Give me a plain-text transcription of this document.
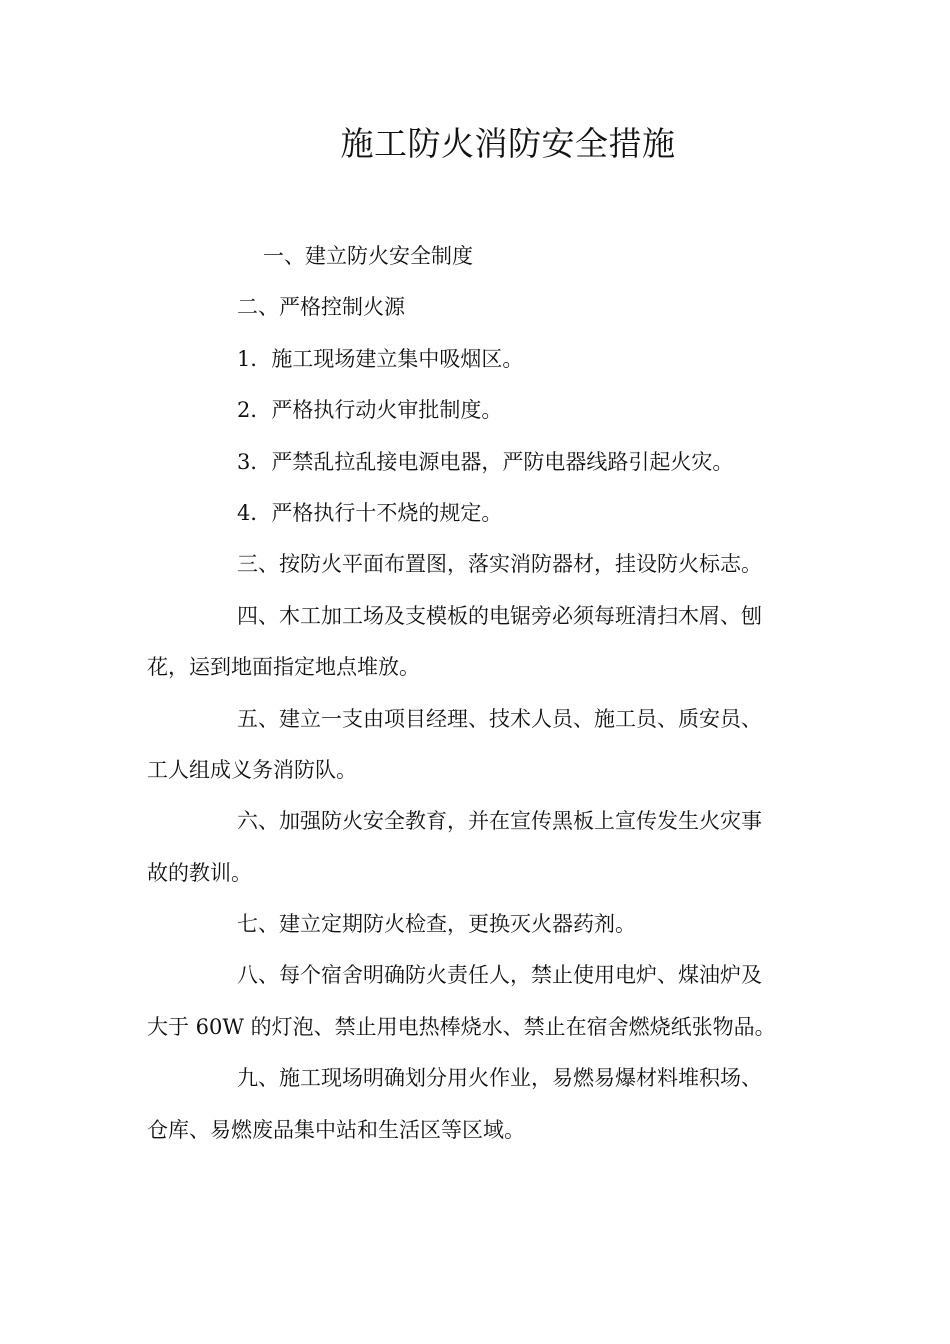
施工防火消防安全措施

一、建立防火安全制度

二、严格控制火源

1．施工现场建立集中吸烟区。

2．严格执行动火审批制度。

3．严禁乱拉乱接电源电器，严防电器线路引起火灾。

4．严格执行十不烧的规定。

三、按防火平面布置图，落实消防器材，挂设防火标志。

四、木工加工场及支模板的电锯旁必须每班清扫木屑、刨
花，运到地面指定地点堆放。

五、建立一支由项目经理、技术人员、施工员、质安员、
工人组成义务消防队。

六、加强防火安全教育，并在宣传黑板上宣传发生火灾事
故的教训。

七、建立定期防火检查，更换灭火器药剂。

八、每个宿舍明确防火责任人，禁止使用电炉、煤油炉及
大于 60W 的灯泡、禁止用电热棒烧水、禁止在宿舍燃烧纸张物品。

九、施工现场明确划分用火作业，易燃易爆材料堆积场、
仓库、易燃废品集中站和生活区等区域。
